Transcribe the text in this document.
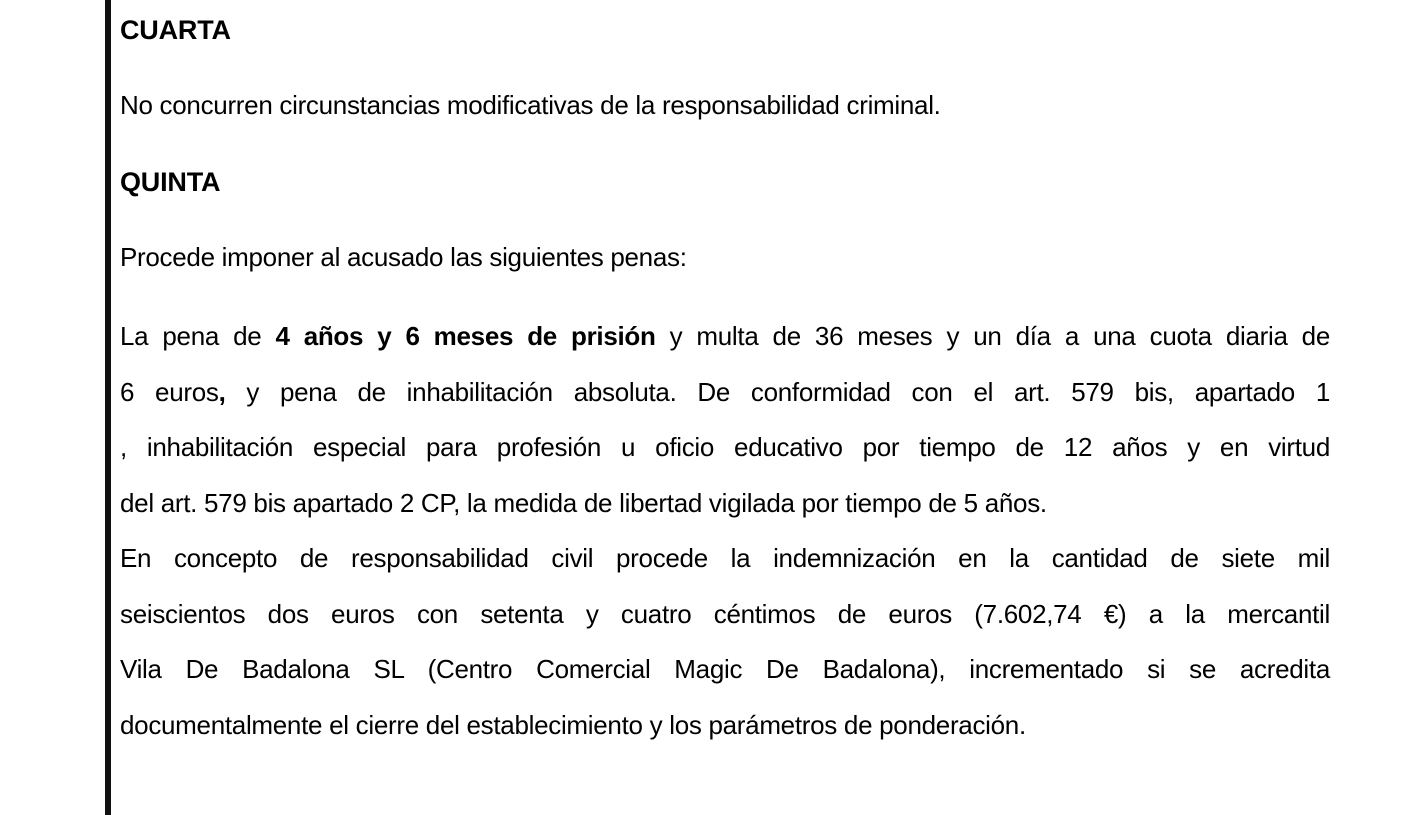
CUARTA

No concurren circunstancias modificativas de la responsabilidad criminal.

QUINTA

Procede imponer al acusado las siguientes penas:

La pena de 4 años y 6 meses de prisión y multa de 36 meses y un día a una cuota diaria de
6 euros, y pena de inhabilitación absoluta. De conformidad con el art. 579 bis, apartado 1
, inhabilitación especial para profesión u oficio educativo por tiempo de 12 años y en virtud
del art. 579 bis apartado 2 CP, la medida de libertad vigilada por tiempo de 5 años.
En concepto de responsabilidad civil procede la indemnización en la cantidad de siete mil
seiscientos dos euros con setenta y cuatro céntimos de euros (7.602,74 €) a la mercantil
Vila De Badalona SL (Centro Comercial Magic De Badalona), incrementado si se acredita
documentalmente el cierre del establecimiento y los parámetros de ponderación.
